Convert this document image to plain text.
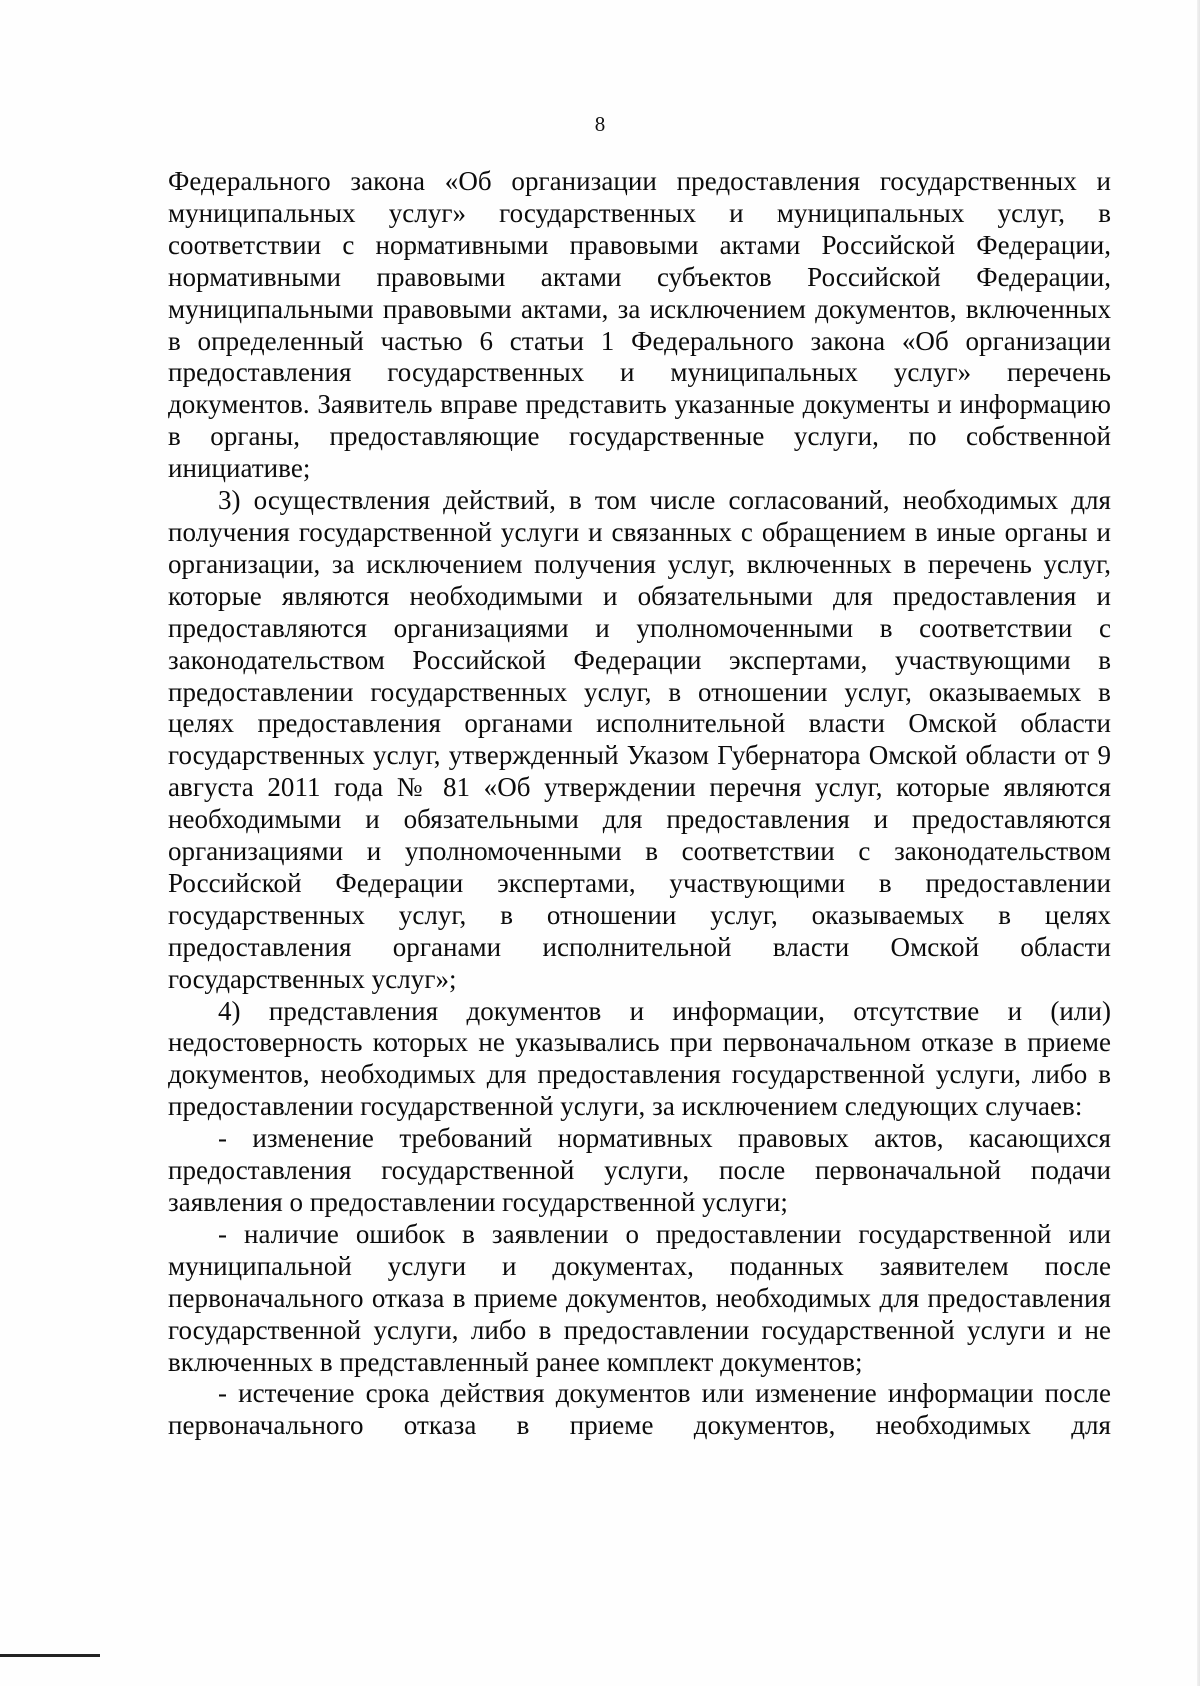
8

Федерального закона «Об организации предоставления государственных и муниципальных услуг» государственных и муниципальных услуг, в соответствии с нормативными правовыми актами Российской Федерации, нормативными правовыми актами субъектов Российской Федерации, муниципальными правовыми актами, за исключением документов, включенных в определенный частью 6 статьи 1 Федерального закона «Об организации предоставления государственных и муниципальных услуг» перечень документов. Заявитель вправе представить указанные документы и информацию в органы, предоставляющие государственные услуги, по собственной инициативе;

3) осуществления действий, в том числе согласований, необходимых для получения государственной услуги и связанных с обращением в иные органы и организации, за исключением получения услуг, включенных в перечень услуг, которые являются необходимыми и обязательными для предоставления и предоставляются организациями и уполномоченными в соответствии с законодательством Российской Федерации экспертами, участвующими в предоставлении государственных услуг, в отношении услуг, оказываемых в целях предоставления органами исполнительной власти Омской области государственных услуг, утвержденный Указом Губернатора Омской области от 9 августа 2011 года № 81 «Об утверждении перечня услуг, которые являются необходимыми и обязательными для предоставления и предоставляются организациями и уполномоченными в соответствии с законодательством Российской Федерации экспертами, участвующими в предоставлении государственных услуг, в отношении услуг, оказываемых в целях предоставления органами исполнительной власти Омской области государственных услуг»;

4) представления документов и информации, отсутствие и (или) недостоверность которых не указывались при первоначальном отказе в приеме документов, необходимых для предоставления государственной услуги, либо в предоставлении государственной услуги, за исключением следующих случаев:

- изменение требований нормативных правовых актов, касающихся предоставления государственной услуги, после первоначальной подачи заявления о предоставлении государственной услуги;

- наличие ошибок в заявлении о предоставлении государственной или муниципальной услуги и документах, поданных заявителем после первоначального отказа в приеме документов, необходимых для предоставления государственной услуги, либо в предоставлении государственной услуги и не включенных в представленный ранее комплект документов;

- истечение срока действия документов или изменение информации после первоначального отказа в приеме документов, необходимых для
